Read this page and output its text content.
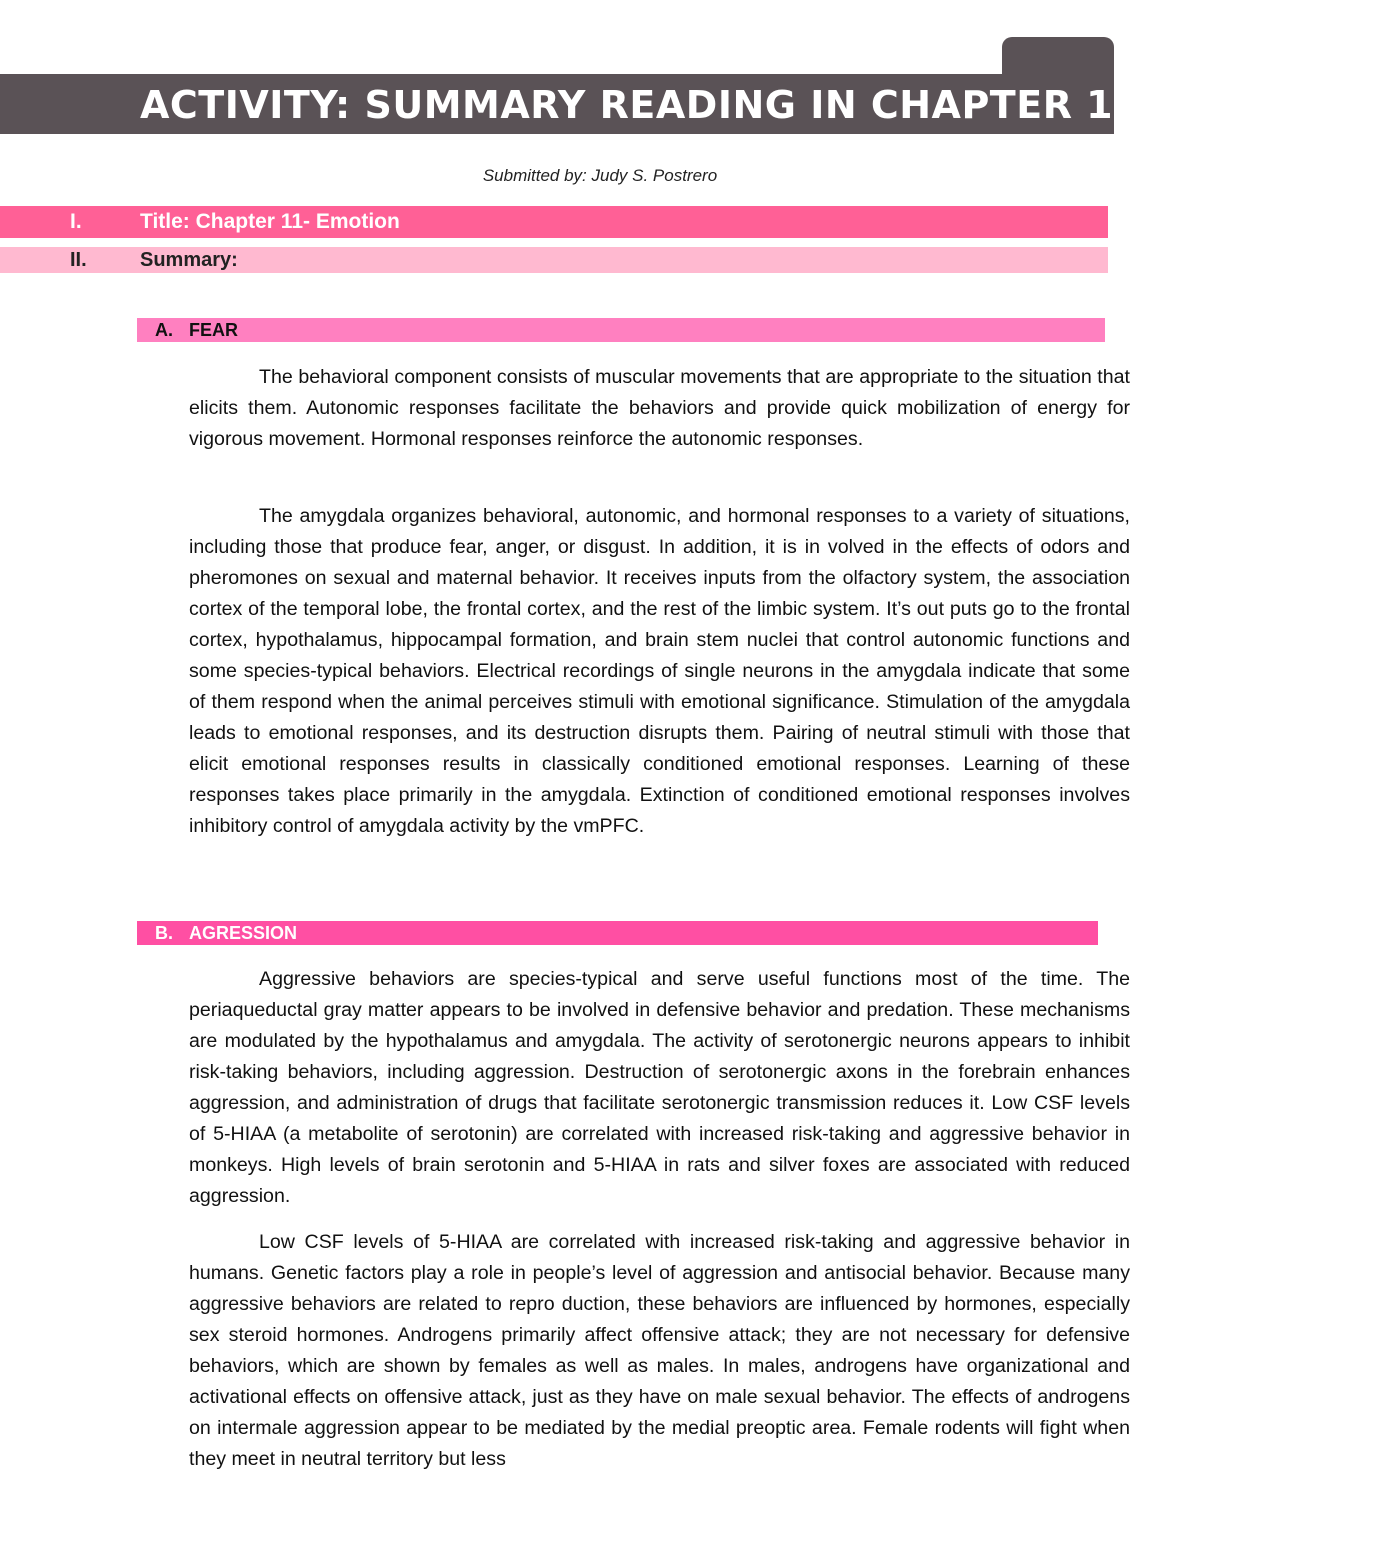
ACTIVITY: SUMMARY READING IN CHAPTER 11: EMOTION
Submitted by: Judy S. Postrero
I.	Title: Chapter 11- Emotion
II.	Summary:
A. FEAR

The behavioral component consists of muscular movements that are appropriate to the situation that elicits them. Autonomic responses facilitate the behaviors and provide quick mobilization of energy for vigorous movement. Hormonal responses reinforce the autonomic responses.

The amygdala organizes behavioral, autonomic, and hormonal responses to a variety of situations, including those that produce fear, anger, or disgust. In addition, it is in volved in the effects of odors and pheromones on sexual and maternal behavior. It receives inputs from the olfactory system, the association cortex of the temporal lobe, the frontal cortex, and the rest of the limbic system. It’s out puts go to the frontal cortex, hypothalamus, hippocampal formation, and brain stem nuclei that control autonomic functions and some species-typical behaviors. Electrical recordings of single neurons in the amygdala indicate that some of them respond when the animal perceives stimuli with emotional significance. Stimulation of the amygdala leads to emotional responses, and its destruction disrupts them. Pairing of neutral stimuli with those that elicit emotional responses results in classically conditioned emotional responses. Learning of these responses takes place primarily in the amygdala. Extinction of conditioned emotional responses involves inhibitory control of amygdala activity by the vmPFC.

B. AGRESSION

Aggressive behaviors are species-typical and serve useful functions most of the time. The periaqueductal gray matter appears to be involved in defensive behavior and predation. These mechanisms are modulated by the hypothalamus and amygdala. The activity of serotonergic neurons appears to inhibit risk-taking behaviors, including aggression. Destruction of serotonergic axons in the forebrain enhances aggression, and administration of drugs that facilitate serotonergic transmission reduces it. Low CSF levels of 5-HIAA (a metabolite of serotonin) are correlated with increased risk-taking and aggressive behavior in monkeys. High levels of brain serotonin and 5-HIAA in rats and silver foxes are associated with reduced aggression.

Low CSF levels of 5-HIAA are correlated with increased risk-taking and aggressive behavior in humans. Genetic factors play a role in people’s level of aggression and antisocial behavior. Because many aggressive behaviors are related to repro duction, these behaviors are influenced by hormones, especially sex steroid hormones. Androgens primarily affect offensive attack; they are not necessary for defensive behaviors, which are shown by females as well as males. In males, androgens have organizational and activational effects on offensive attack, just as they have on male sexual behavior. The effects of androgens on intermale aggression appear to be mediated by the medial preoptic area. Female rodents will fight when they meet in neutral territory but less
